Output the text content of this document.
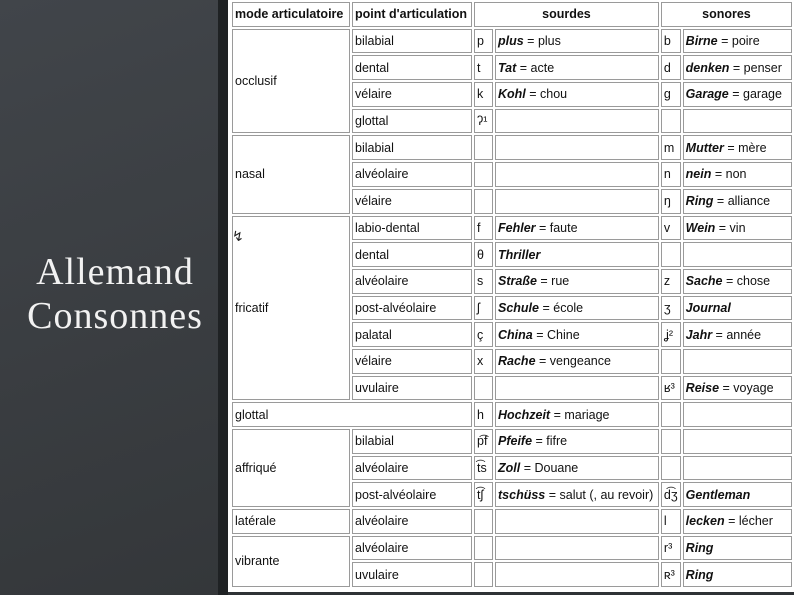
Allemand
Consonnes
mode articulatoire	point d'articulation	sourdes		sonores	
occlusif	bilabial	p	plus = plus	b	Birne = poire
	dental	t	Tat = acte	d	denken = penser
	vélaire	k	Kohl = chou	g	Garage = garage
	glottal	ʔ¹			
nasal	bilabial			m	Mutter = mère
	alvéolaire			n	nein = non
	vélaire			ŋ	Ring = alliance
fricatif	labio-dental	f	Fehler = faute	v	Wein = vin
	dental	θ	Thriller		
	alvéolaire	s	Straße = rue	z	Sache = chose
	post-alvéolaire	ʃ	Schule = école	ʒ	Journal
	palatal	ç	China = Chine	ʝ²	Jahr = année
	vélaire	x	Rache = vengeance		
	uvulaire			ʁ³	Reise = voyage
glottal		h	Hochzeit = mariage		
affriqué	bilabial	p͡f	Pfeife = fifre		
	alvéolaire	t͡s	Zoll = Douane		
	post-alvéolaire	t͡ʃ	tschüss = salut (, au revoir)	d͡ʒ	Gentleman
latérale	alvéolaire			l	lecken = lécher
vibrante	alvéolaire			r³	Ring
	uvulaire			ʀ³	Ring
↯
